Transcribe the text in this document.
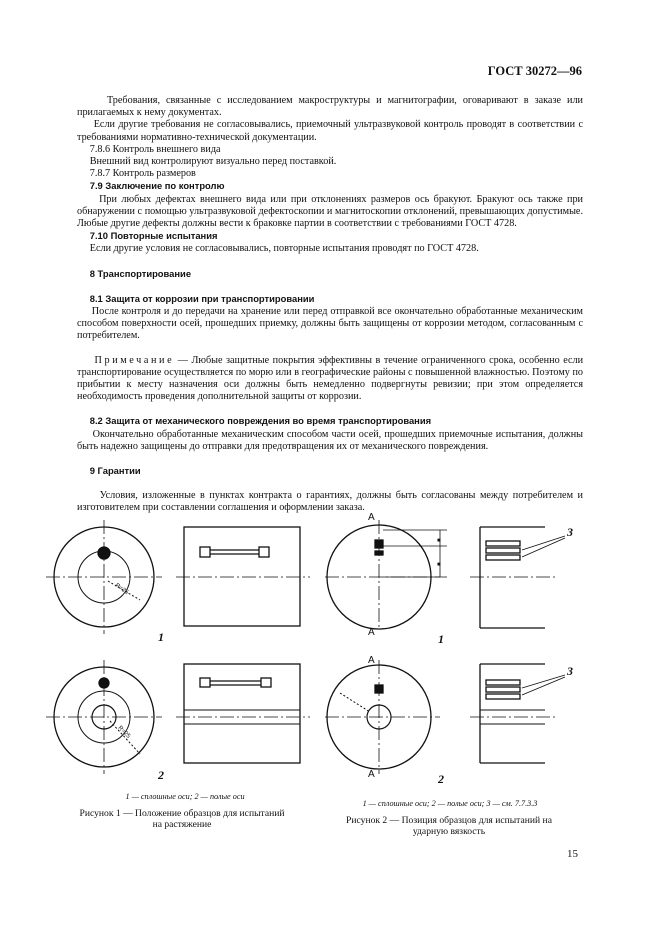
ГОСТ 30272—96

Требования, связанные с исследованием макроструктуры и магнитографии, оговаривают в заказе или прилагаемых к нему документах.

Если другие требования не согласовывались, приемочный ультразвуковой контроль проводят в соответствии с требованиями нормативно-технической документации.

7.8.6 Контроль внешнего вида

Внешний вид контролируют визуально перед поставкой.

7.8.7 Контроль размеров

7.9 Заключение по контролю

При любых дефектах внешнего вида или при отклонениях размеров ось бракуют. Бракуют ось также при обнаружении с помощью ультразвуковой дефектоскопии и магнитоскопии отклонений, превышающих допустимые. Любые другие дефекты должны вести к браковке партии в соответствии с требованиями ГОСТ 4728.

7.10 Повторные испытания

Если другие условия не согласовывались, повторные испытания проводят по ГОСТ 4728.

8 Транспортирование

8.1 Защита от коррозии при транспортировании

После контроля и до передачи на хранение или перед отправкой все окончательно обработанные механическим способом поверхности осей, прошедших приемку, должны быть защищены от коррозии методом, согласованным с потребителем.

Примечание — Любые защитные покрытия эффективны в течение ограниченного срока, особенно если транспортирование осуществляется по морю или в географические районы с повышенной влажностью. Поэтому по прибытии к месту назначения оси должны быть немедленно подвергнуты ревизии; при этом определяется необходимость проведения дополнительной защиты от коррозии.

8.2 Защита от механического повреждения во время транспортирования

Окончательно обработанные механическим способом части осей, прошедших приемочные испытания, должны быть надежно защищены до отправки для предотвращения их от механического повреждения.

9 Гарантии

Условия, изложенные в пунктах контракта о гарантиях, должны быть согласованы между потребителем и изготовителем при составлении соглашения и оформлении заказа.

R=25
R=25
■
■
1
2
1
2
3
3
A
A
A
A
1 — сплошные оси; 2 — полые оси
Рисунок 1 — Положение образцов для испытаний
на растяжение
1 — сплошные оси; 2 — полые оси; 3 — см. 7.7.3.3
Рисунок 2 — Позиция образцов для испытаний на
ударную вязкость
15
